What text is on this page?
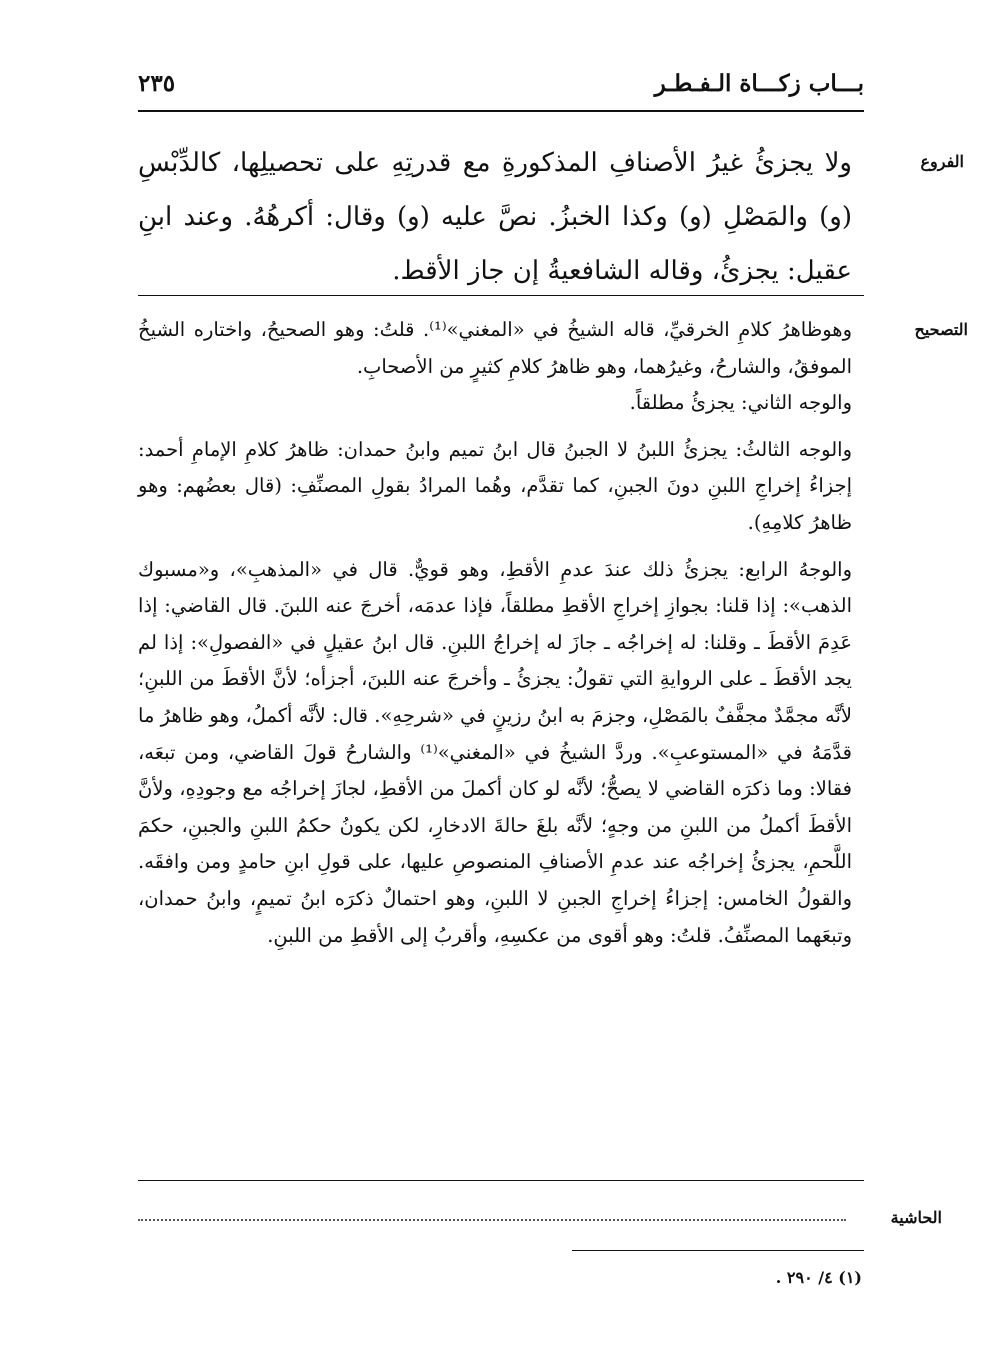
بـــاب زكـــاة الـفـطـر
٢٣٥
الفروع

ولا يجزئُ غيرُ الأصنافِ المذكورةِ مع قدرتِهِ على تحصيلِها، كالدِّبْسِ (و) والمَصْلِ (و) وكذا الخبزُ. نصَّ عليه (و) وقال: أكرهُهُ. وعند ابنِ عقيل: يجزئُ، وقاله الشافعيةُ إن جاز الأقط.

التصحيح

وهوظاهرُ كلامِ الخرقيِّ، قاله الشيخُ في «المغني»⁽¹⁾. قلتُ: وهو الصحيحُ، واختاره الشيخُ الموفقُ، والشارحُ، وغيرُهما، وهو ظاهرُ كلامِ كثيرٍ من الأصحابِ.

والوجه الثاني: يجزئُ مطلقاً.

والوجه الثالثُ: يجزئُ اللبنُ لا الجبنُ قال ابنُ تميم وابنُ حمدان: ظاهرُ كلامِ الإمامِ أحمد: إجزاءُ إخراجِ اللبنِ دونَ الجبنِ، كما تقدَّم، وهُما المرادُ بقولِ المصنِّفِ: (قال بعضُهم: وهو ظاهرُ كلامِهِ).

والوجهُ الرابع: يجزئُ ذلك عندَ عدمِ الأقطِ، وهو قويٌّ. قال في «المذهبِ»، و«مسبوك الذهب»: إذا قلنا: بجوازِ إخراجِ الأقطِ مطلقاً، فإذا عدمَه، أخرجَ عنه اللبنَ. قال القاضي: إذا عَدِمَ الأقطَ ـ وقلنا: له إخراجُه ـ جازَ له إخراجُ اللبنِ. قال ابنُ عقيلٍ في «الفصولِ»: إذا لم يجد الأقطَ ـ على الروايةِ التي تقولُ: يجزئُ ـ وأخرجَ عنه اللبنَ، أجزأه؛ لأنَّ الأقطَ من اللبنِ؛ لأنَّه مجمَّدٌ مجفَّفٌ بالمَصْلِ، وجزمَ به ابنُ رزينٍ في «شرحِهِ». قال: لأنَّه أكملُ، وهو ظاهرُ ما قدَّمَهُ في «المستوعبِ». وردَّ الشيخُ في «المغني»⁽¹⁾ والشارحُ قولَ القاضي، ومن تبعَه، فقالا: وما ذكرَه القاضي لا يصحُّ؛ لأنَّه لو كان أكملَ من الأقطِ، لجازَ إخراجُه مع وجودِهِ، ولأنَّ الأقطَ أكملُ من اللبنِ من وجهٍ؛ لأنَّه بلغَ حالةَ الادخارِ، لكن يكونُ حكمُ اللبنِ والجبنِ، حكمَ اللَّحمِ، يجزئُ إخراجُه عند عدمِ الأصنافِ المنصوصِ عليها، على قولِ ابنِ حامدٍ ومن وافقَه. والقولُ الخامس: إجزاءُ إخراجِ الجبنِ لا اللبنِ، وهو احتمالٌ ذكرَه ابنُ تميمٍ، وابنُ حمدان، وتبعَهما المصنِّفُ. قلتُ: وهو أقوى من عكسِهِ، وأقربُ إلى الأقطِ من اللبنِ.

الحاشية
(١) ٤/ ٢٩٠ .
